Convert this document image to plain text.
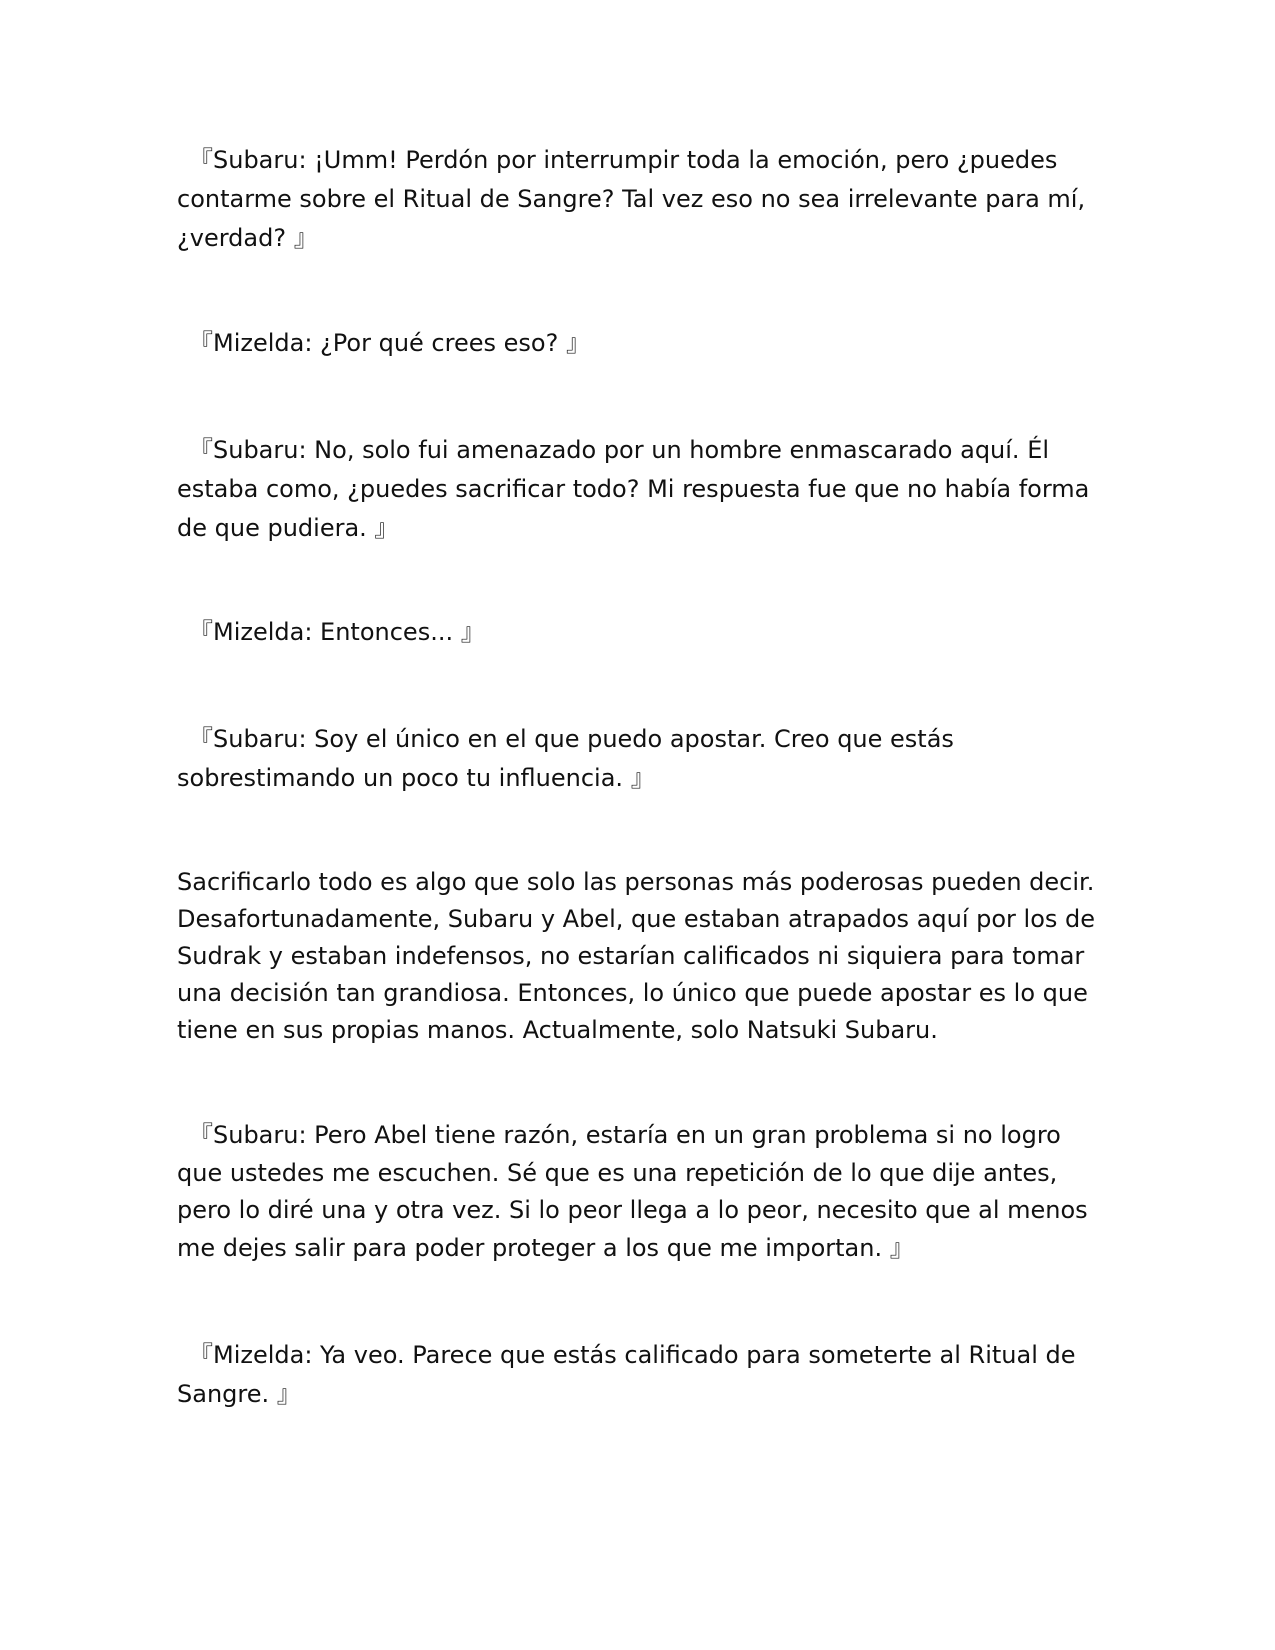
『Subaru: ¡Umm! Perdón por interrumpir toda la emoción, pero ¿puedes contarme sobre el Ritual de Sangre? Tal vez eso no sea irrelevante para mí, ¿verdad? 』

『Mizelda: ¿Por qué crees eso? 』

『Subaru: No, solo fui amenazado por un hombre enmascarado aquí. Él estaba como, ¿puedes sacrificar todo? Mi respuesta fue que no había forma de que pudiera. 』

『Mizelda: Entonces... 』

『Subaru: Soy el único en el que puedo apostar. Creo que estás sobrestimando un poco tu influencia. 』

Sacrificarlo todo es algo que solo las personas más poderosas pueden decir. Desafortunadamente, Subaru y Abel, que estaban atrapados aquí por los de Sudrak y estaban indefensos, no estarían calificados ni siquiera para tomar una decisión tan grandiosa. Entonces, lo único que puede apostar es lo que tiene en sus propias manos. Actualmente, solo Natsuki Subaru.

『Subaru: Pero Abel tiene razón, estaría en un gran problema si no logro que ustedes me escuchen. Sé que es una repetición de lo que dije antes, pero lo diré una y otra vez. Si lo peor llega a lo peor, necesito que al menos me dejes salir para poder proteger a los que me importan. 』

『Mizelda: Ya veo. Parece que estás calificado para someterte al Ritual de Sangre. 』
